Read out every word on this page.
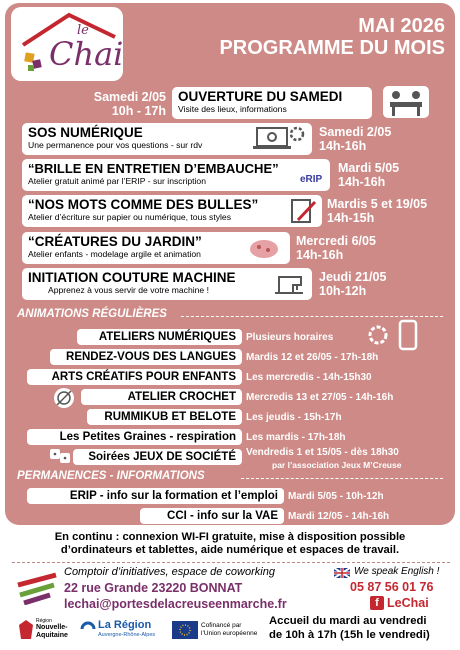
le
Chai
MAI 2026
PROGRAMME DU MOIS
Samedi 2/05
10h - 17h
OUVERTURE DU SAMEDI
Visite des lieux, informations
SOS NUMÉRIQUE
Une permanence pour vos questions - sur rdv
Samedi 2/05
14h-16h
“BRILLE EN ENTRETIEN D’EMBAUCHE”
Atelier gratuit animé par l’ERIP - sur inscription	eRIP
Mardi 5/05
14h-16h
“NOS MOTS COMME DES BULLES”
Atelier d’écriture sur papier ou numérique, tous styles
Mardis 5 et 19/05
14h-15h
“CRÉATURES DU JARDIN”
Atelier enfants - modelage argile et animation
Mercredi 6/05
14h-16h
INITIATION COUTURE MACHINE
Apprenez à vous servir de votre machine !
Jeudi 21/05
10h-12h
ANIMATIONS RÉGULIÈRES
ATELIERS NUMÉRIQUES	Plusieurs horaires
RENDEZ-VOUS DES LANGUES	Mardis 12 et 26/05 - 17h-18h
ARTS CRÉATIFS POUR ENFANTS	Les mercredis - 14h-15h30
ATELIER CROCHET	Mercredis 13 et 27/05 - 14h-16h
RUMMIKUB ET BELOTE	Les jeudis - 15h-17h
Les Petites Graines - respiration	Les mardis - 17h-18h
Soirées JEUX DE SOCIÉTÉ	Vendredis 1 et 15/05 - dès 18h30
par l’association Jeux M’Creuse
PERMANENCES - INFORMATIONS
ERIP - info sur la formation et l’emploi	Mardi 5/05 - 10h-12h
CCI - info sur la VAE	Mardi 12/05 - 14h-16h
En continu : connexion WI-FI gratuite, mise à disposition possible
d’ordinateurs et tablettes, aide numérique et espaces de travail.
Comptoir d’initiatives, espace de coworking
22 rue Grande 23220 BONNAT
lechai@portesdelacreuseenmarche.fr
We speak English !
05 87 56 01 76
f LeChai
Région
Nouvelle-
Aquitaine
La Région
Auvergne-Rhône-Alpes
Cofinancé par
l’Union européenne
Accueil du mardi au vendredi
de 10h à 17h (15h le vendredi)
